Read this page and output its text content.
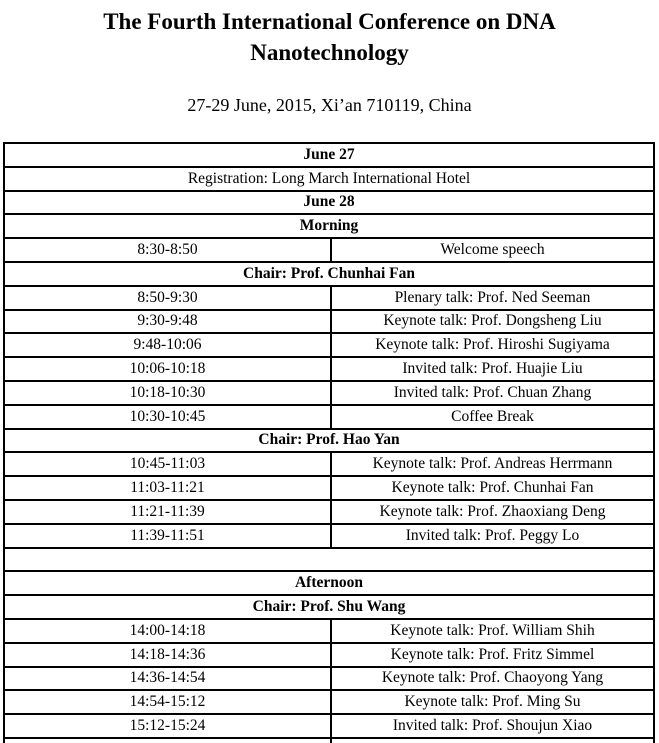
The Fourth International Conference on DNA Nanotechnology
27-29 June, 2015, Xi’an 710119, China
June 27	
Registration: Long March International Hotel	
June 28	
Morning	
8:30-8:50	Welcome speech
Chair: Prof. Chunhai Fan	
8:50-9:30	Plenary talk: Prof. Ned Seeman
9:30-9:48	Keynote talk: Prof. Dongsheng Liu
9:48-10:06	Keynote talk: Prof. Hiroshi Sugiyama
10:06-10:18	Invited talk: Prof. Huajie Liu
10:18-10:30	Invited talk: Prof. Chuan Zhang
10:30-10:45	Coffee Break
Chair: Prof. Hao Yan	
10:45-11:03	Keynote talk: Prof. Andreas Herrmann
11:03-11:21	Keynote talk: Prof. Chunhai Fan
11:21-11:39	Keynote talk: Prof. Zhaoxiang Deng
11:39-11:51	Invited talk: Prof. Peggy Lo

Afternoon	
Chair: Prof. Shu Wang	
14:00-14:18	Keynote talk: Prof. William Shih
14:18-14:36	Keynote talk: Prof. Fritz Simmel
14:36-14:54	Keynote talk: Prof. Chaoyong Yang
14:54-15:12	Keynote talk: Prof. Ming Su
15:12-15:24	Invited talk: Prof. Shoujun Xiao
